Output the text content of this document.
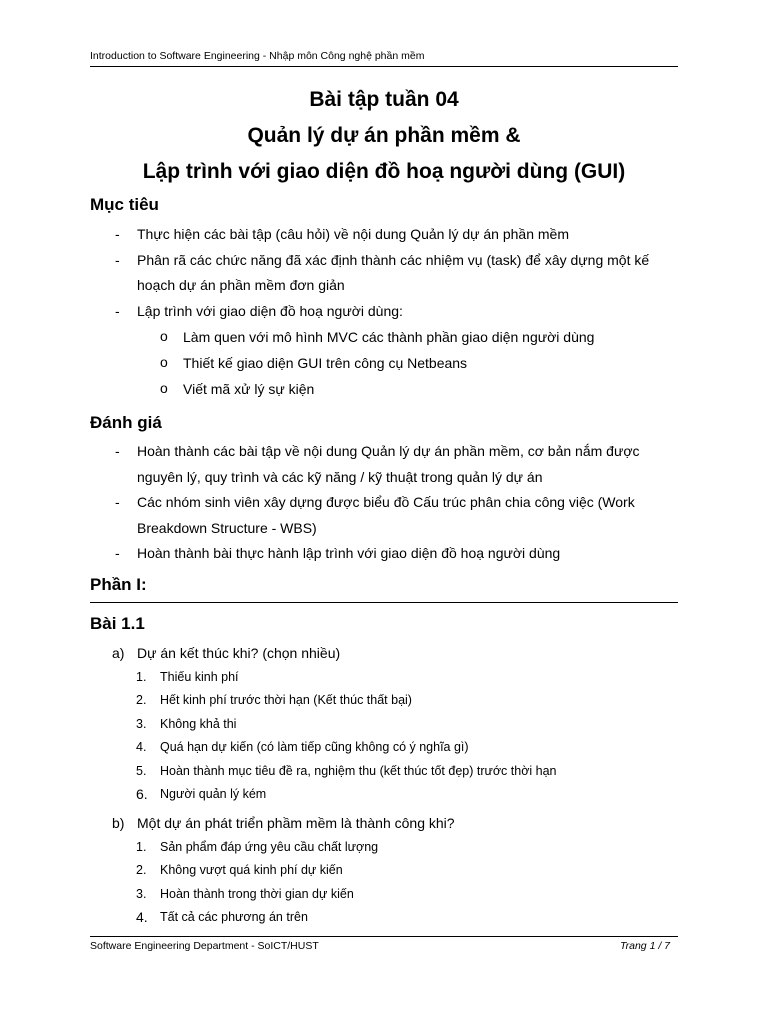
Introduction to Software Engineering - Nhập môn Công nghệ phần mềm
Bài tập tuần 04
Quản lý dự án phần mềm &
Lập trình với giao diện đồ hoạ người dùng (GUI)
Mục tiêu
- Thực hiện các bài tập (câu hỏi) về nội dung Quản lý dự án phần mềm
- Phân rã các chức năng đã xác định thành các nhiệm vụ (task) để xây dựng một kế hoạch dự án phần mềm đơn giản
- Lập trình với giao diện đồ hoạ người dùng:
o Làm quen với mô hình MVC các thành phần giao diện người dùng
o Thiết kế giao diện GUI trên công cụ Netbeans
o Viết mã xử lý sự kiện
Đánh giá
- Hoàn thành các bài tập về nội dung Quản lý dự án phần mềm, cơ bản nắm được nguyên lý, quy trình và các kỹ năng / kỹ thuật trong quản lý dự án
- Các nhóm sinh viên xây dựng được biểu đồ Cấu trúc phân chia công việc (Work Breakdown Structure - WBS)
- Hoàn thành bài thực hành lập trình với giao diện đồ hoạ người dùng
Phần I:
Bài 1.1
a) Dự án kết thúc khi? (chọn nhiều)
1. Thiếu kinh phí
2. Hết kinh phí trước thời hạn (Kết thúc thất bại)
3. Không khả thi
4. Quá hạn dự kiến (có làm tiếp cũng không có ý nghĩa gì)
5. Hoàn thành mục tiêu đề ra, nghiệm thu (kết thúc tốt đẹp) trước thời hạn
6. Người quản lý kém
b) Một dự án phát triển phầm mềm là thành công khi?
1. Sản phẩm đáp ứng yêu cầu chất lượng
2. Không vượt quá kinh phí dự kiến
3. Hoàn thành trong thời gian dự kiến
4. Tất cả các phương án trên
Software Engineering Department - SoICT/HUST	Trang 1 / 7
